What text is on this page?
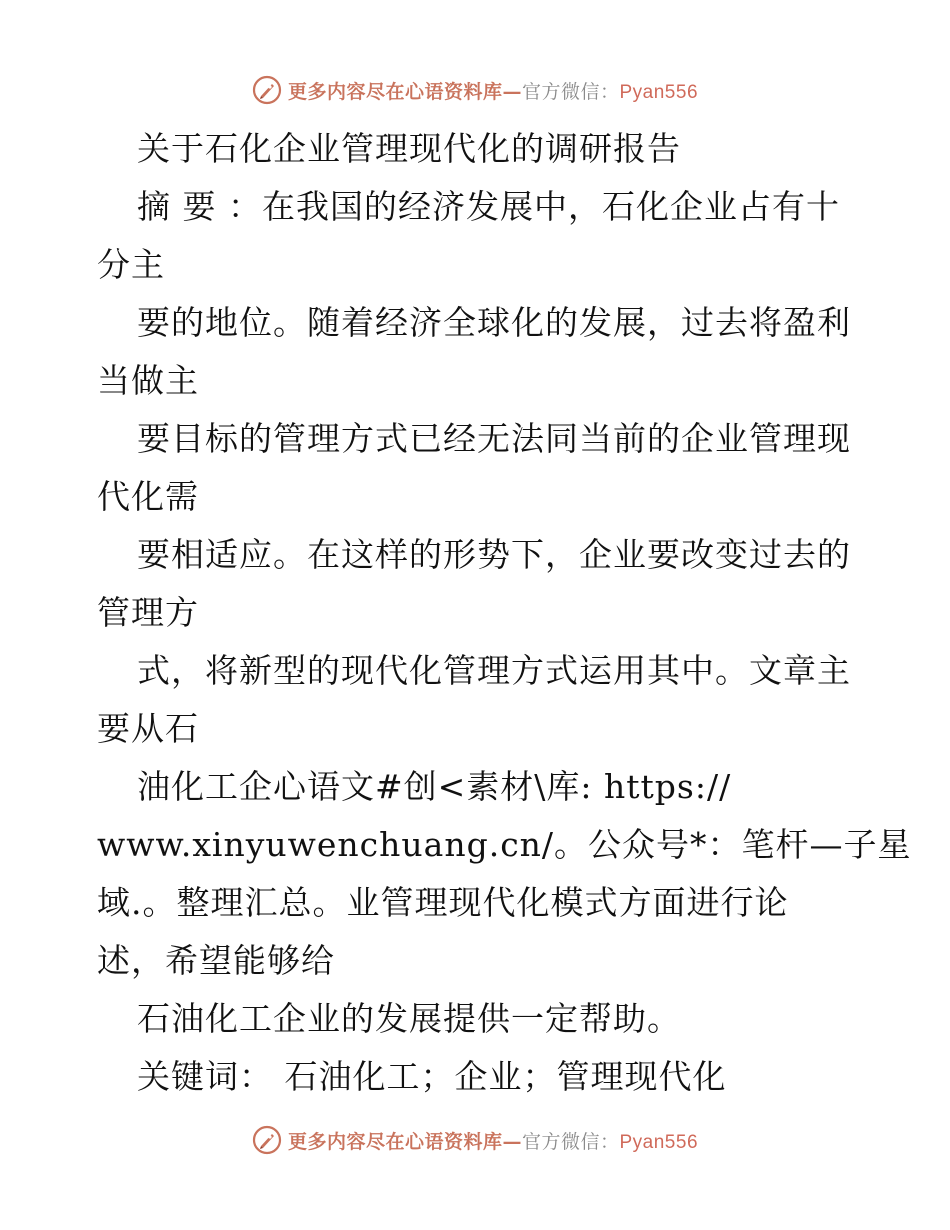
更多内容尽在心语资料库—官方微信：Pyan556
关于石化企业管理现代化的调研报告
摘 要 ：在我国的经济发展中，石化企业占有十
分主
要的地位。随着经济全球化的发展，过去将盈利
当做主
要目标的管理方式已经无法同当前的企业管理现
代化需
要相适应。在这样的形势下，企业要改变过去的
管理方
式，将新型的现代化管理方式运用其中。文章主
要从石
油化工企心语文#创<素材\库: https://
www.xinyuwenchuang.cn/。公众号*：笔杆—子星
域.。整理汇总。业管理现代化模式方面进行论
述，希望能够给
石油化工企业的发展提供一定帮助。
关键词： 石油化工；企业；管理现代化
更多内容尽在心语资料库—官方微信：Pyan556
